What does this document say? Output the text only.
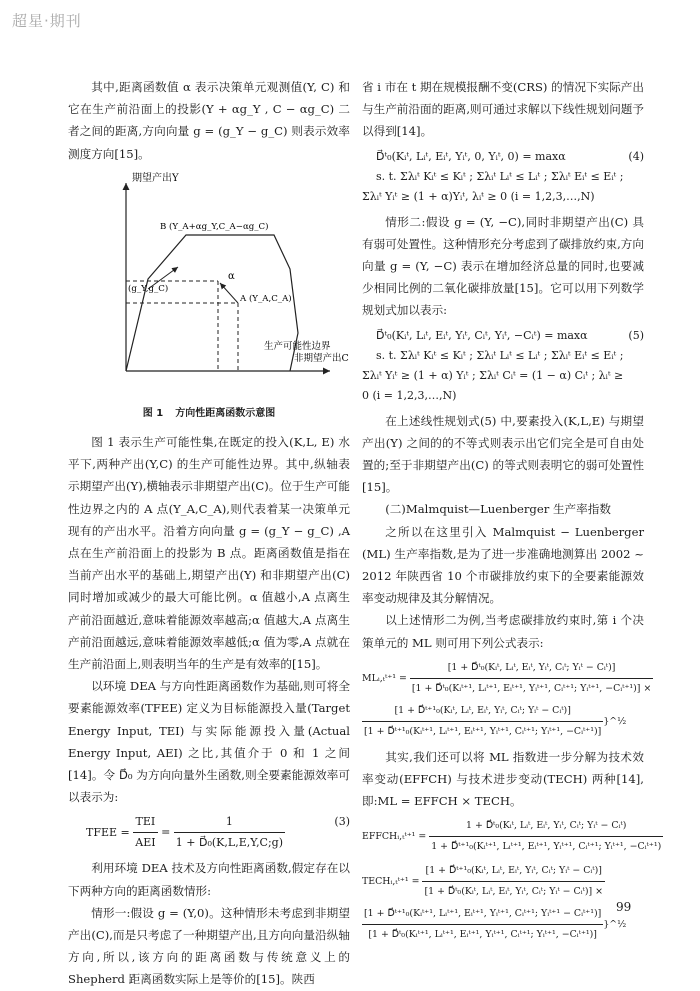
超星·期刊

其中,距离函数值 α 表示决策单元观测值(Y, C) 和它在生产前沿面上的投影(Y + αg_Y , C − αg_C) 二者之间的距离,方向向量 g = (g_Y − g_C) 则表示效率测度方向[15]。

期望产出Y
非期望产出C
生产可能性边界
B (Y_A+αg_Y,C_A−αg_C)
A (Y_A,C_A)
(g_Y,g_C)
α
图 1 方向性距离函数示意图

图 1 表示生产可能性集,在既定的投入(K,L, E) 水平下,两种产出(Y,C) 的生产可能性边界。其中,纵轴表示期望产出(Y),横轴表示非期望产出(C)。位于生产可能性边界之内的 A 点(Y_A,C_A),则代表着某一决策单元现有的产出水平。沿着方向向量 g = (g_Y − g_C) ,A 点在生产前沿面上的投影为 B 点。距离函数值是指在当前产出水平的基础上,期望产出(Y) 和非期望产出(C) 同时增加或减少的最大可能比例。α 值越小,A 点离生产前沿面越近,意味着能源效率越高;α 值越大,A 点离生产前沿面越远,意味着能源效率越低;α 值为零,A 点就在生产前沿面上,则表明当年的生产是有效率的[15]。

以环境 DEA 与方向性距离函数作为基础,则可将全要素能源效率(TFEE) 定义为目标能源投入量(Target Energy Input, TEI) 与实际能源投入量(Actual Energy Input, AEI) 之比,其值介于 0 和 1 之间[14]。令 D⃗₀ 为方向向量外生函数,则全要素能源效率可以表示为:

TFEE = $\frac{\text{TEI}}{\text{AEI}} = \frac{1}{\text{1 + D⃗₀(K,L,E,Y,C;g)}}$	(3)

利用环境 DEA 技术及方向性距离函数,假定存在以下两种方向的距离函数情形:

情形一:假设 g = (Y,0)。这种情形未考虑到非期望产出(C),而是只考虑了一种期望产出,且方向向量沿纵轴方向,所以,该方向的距离函数与传统意义上的 Shepherd 距离函数实际上是等价的[15]。陕西

省 i 市在 t 期在规模报酬不变(CRS) 的情况下实际产出与生产前沿面的距离,则可通过求解以下线性规划问题予以得到[14]。

D⃗ᵗ₀(Kᵢᵗ, Lᵢᵗ, Eᵢᵗ, Yᵢᵗ, 0, Yᵢᵗ, 0) = maxα	(4)
s. t. Σλᵢᵗ Kᵢᵗ ≤ Kᵢᵗ ; Σλᵢᵗ Lᵢᵗ ≤ Lᵢᵗ ; Σλᵢᵗ Eᵢᵗ ≤ Eᵢᵗ ;
Σλᵢᵗ Yᵢᵗ ≥ (1 + α)Yᵢᵗ, λᵢᵗ ≥ 0 (i = 1,2,3,…,N)

情形二:假设 g = (Y, −C),同时非期望产出(C) 具有弱可处置性。这种情形充分考虑到了碳排放约束,方向向量 g = (Y, −C) 表示在增加经济总量的同时,也要减少相同比例的二氧化碳排放量[15]。它可以用下列数学规划式加以表示:

D⃗ᵗ₀(Kᵢᵗ, Lᵢᵗ, Eᵢᵗ, Yᵢᵗ, Cᵢᵗ, Yᵢᵗ, −Cᵢᵗ) = maxα	(5)
s. t. Σλᵢᵗ Kᵢᵗ ≤ Kᵢᵗ ; Σλᵢᵗ Lᵢᵗ ≤ Lᵢᵗ ; Σλᵢᵗ Eᵢᵗ ≤ Eᵢᵗ ;
Σλᵢᵗ Yᵢᵗ ≥ (1 + α) Yᵢᵗ ; Σλᵢᵗ Cᵢᵗ = (1 − α) Cᵢᵗ ; λᵢᵗ ≥
0 (i = 1,2,3,…,N)

在上述线性规划式(5) 中,要素投入(K,L,E) 与期望产出(Y) 之间的的不等式则表示出它们完全是可自由处置的;至于非期望产出(C) 的等式则表明它的弱可处置性[15]。

(二)Malmquist—Luenberger 生产率指数

之所以在这里引入 Malmquist − Luenberger (ML) 生产率指数,是为了进一步准确地测算出 2002 ~ 2012 年陕西省 10 个市碳排放约束下的全要素能源效率变动规律及其分解情况。

以上述情形二为例,当考虑碳排放约束时,第 i 个决策单元的 ML 则可用下列公式表示:

MLᵢ,ₜᵗ⁺¹ =
[1 + D⃗ᵗ₀(Kᵢᵗ, Lᵢᵗ, Eᵢᵗ, Yᵢᵗ, Cᵢᵗ; Yᵢᵗ − Cᵢᵗ)]
[1 + D⃗ᵗ₀(Kᵢᵗ⁺¹, Lᵢᵗ⁺¹, Eᵢᵗ⁺¹, Yᵢᵗ⁺¹, Cᵢᵗ⁺¹; Yᵢᵗ⁺¹, −Cᵢᵗ⁺¹)] ×
[1 + D⃗ᵗ⁺¹₀(Kᵢᵗ, Lᵢᵗ, Eᵢᵗ, Yᵢᵗ, Cᵢᵗ; Yᵢᵗ − Cᵢᵗ)]
[1 + D⃗ᵗ⁺¹₀(Kᵢᵗ⁺¹, Lᵢᵗ⁺¹, Eᵢᵗ⁺¹, Yᵢᵗ⁺¹, Cᵢᵗ⁺¹; Yᵢᵗ⁺¹, −Cᵢᵗ⁺¹)]
}^½

其实,我们还可以将 ML 指数进一步分解为技术效率变动(EFFCH) 与技术进步变动(TECH) 两种[14],即:ML = EFFCH × TECH。

EFFCHᵢ,ₜᵗ⁺¹ = $\frac{\text{1 + D⃗ᵗ₀(Kᵢᵗ, Lᵢᵗ, Eᵢᵗ, Yᵢᵗ, Cᵢᵗ; Yᵢᵗ − Cᵢᵗ)}}{\text{1 + D⃗ᵗ⁺¹₀(Kᵢᵗ⁺¹, Lᵢᵗ⁺¹, Eᵢᵗ⁺¹, Yᵢᵗ⁺¹, Cᵢᵗ⁺¹; Yᵢᵗ⁺¹, −Cᵢᵗ⁺¹)}}$
TECHᵢ,ₜᵗ⁺¹ = $\frac{\text{[1 + D⃗ᵗ⁺¹₀(Kᵢᵗ, Lᵢᵗ, Eᵢᵗ, Yᵢᵗ, Cᵢᵗ; Yᵢᵗ − Cᵢᵗ)]}}{\text{[1 + D⃗ᵗ₀(Kᵢᵗ, Lᵢᵗ, Eᵢᵗ, Yᵢᵗ, Cᵢᵗ; Yᵢᵗ − Cᵢᵗ)] ×}}$
[1 + D⃗ᵗ⁺¹₀(Kᵢᵗ⁺¹, Lᵢᵗ⁺¹, Eᵢᵗ⁺¹, Yᵢᵗ⁺¹, Cᵢᵗ⁺¹; Yᵢᵗ⁺¹ − Cᵢᵗ⁺¹)]
[1 + D⃗ᵗ₀(Kᵢᵗ⁺¹, Lᵢᵗ⁺¹, Eᵢᵗ⁺¹, Yᵢᵗ⁺¹, Cᵢᵗ⁺¹; Yᵢᵗ⁺¹, −Cᵢᵗ⁺¹)]
}^½
99
